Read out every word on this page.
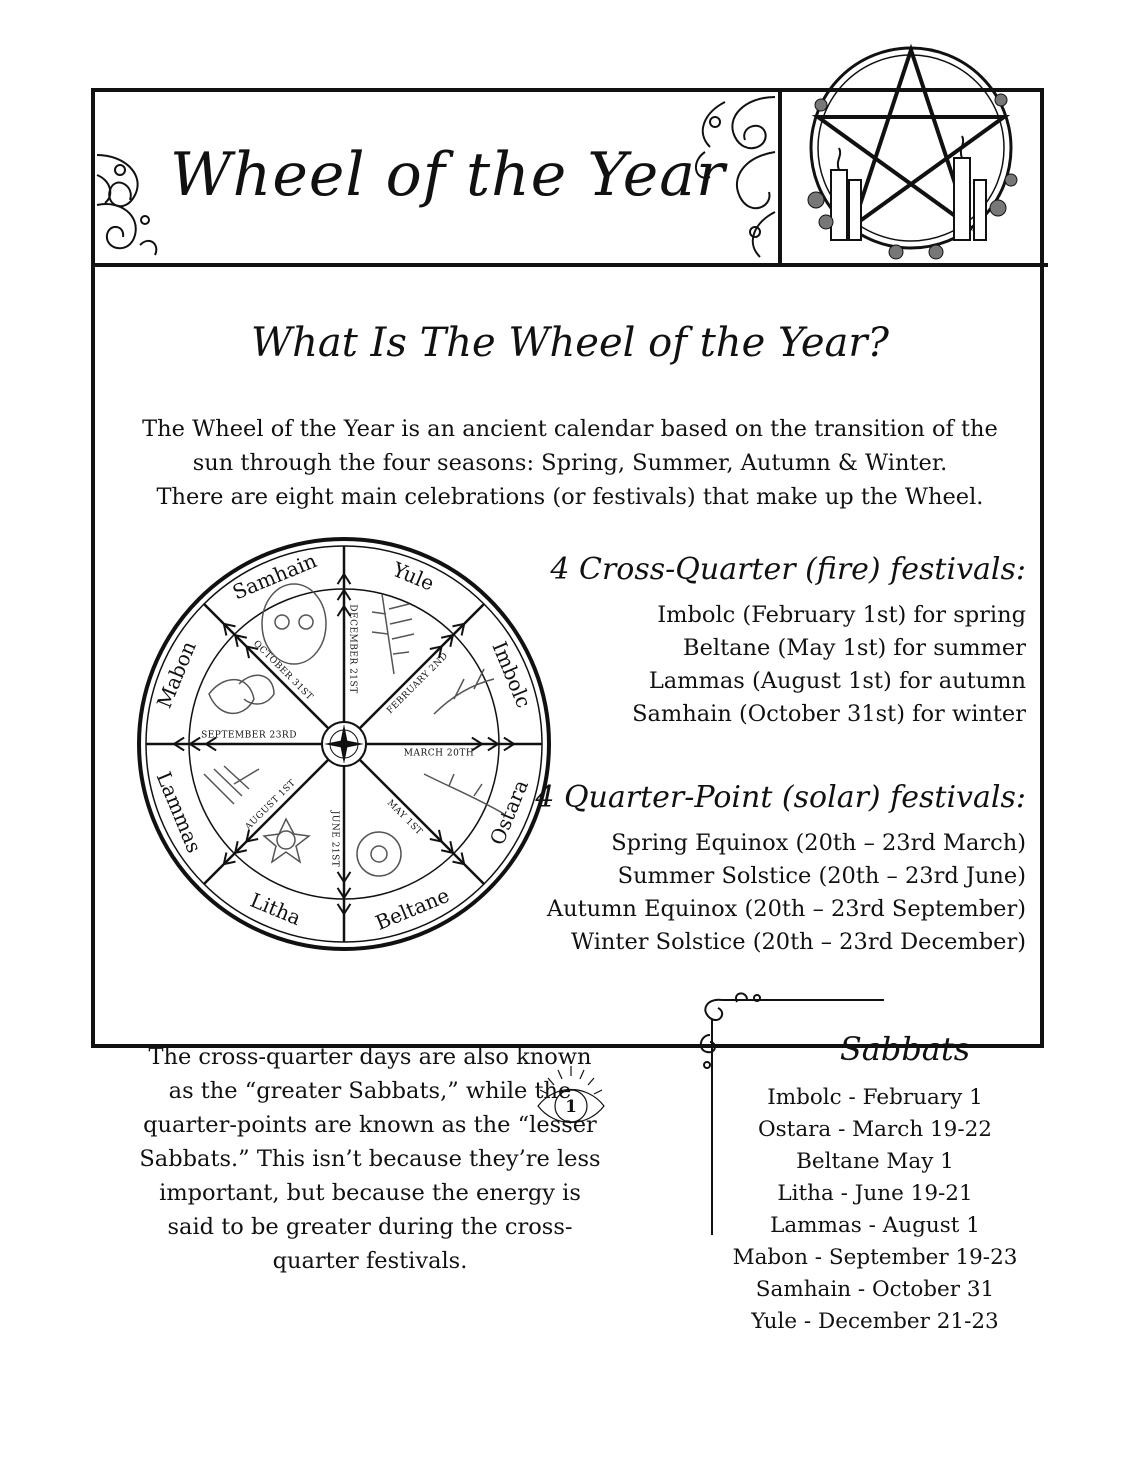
Wheel of the Year
What Is The Wheel of the Year?
The Wheel of the Year is an ancient calendar based on the transition of the
sun through the four seasons: Spring, Summer, Autumn & Winter.
There are eight main celebrations (or festivals) that make up the Wheel.
Yule
Imbolc
Ostara
Beltane
Litha
Lammas
Mabon
Samhain
DECEMBER 21ST	FEBRUARY 2ND
MARCH 20TH
MAY 1ST
JUNE 21ST
AUGUST 1ST
SEPTEMBER 23RD
OCTOBER 31ST
4 Cross-Quarter (fire) festivals:
Imbolc (February 1st) for spring
Beltane (May 1st) for summer
Lammas (August 1st) for autumn
Samhain (October 31st) for winter
4 Quarter-Point (solar) festivals:
Spring Equinox (20th – 23rd March)
Summer Solstice (20th – 23rd June)
Autumn Equinox (20th – 23rd September)
Winter Solstice (20th – 23rd December)
The cross-quarter days are also known
as the “greater Sabbats,” while the
quarter-points are known as the “lesser
Sabbats.” This isn’t because they’re less
important, but because the energy is
said to be greater during the cross-
quarter festivals.
Sabbats
Imbolc - February 1
Ostara - March 19-22
Beltane May 1
Litha - June 19-21
Lammas - August 1
Mabon - September 19-23
Samhain - October 31
Yule - December 21-23
1
